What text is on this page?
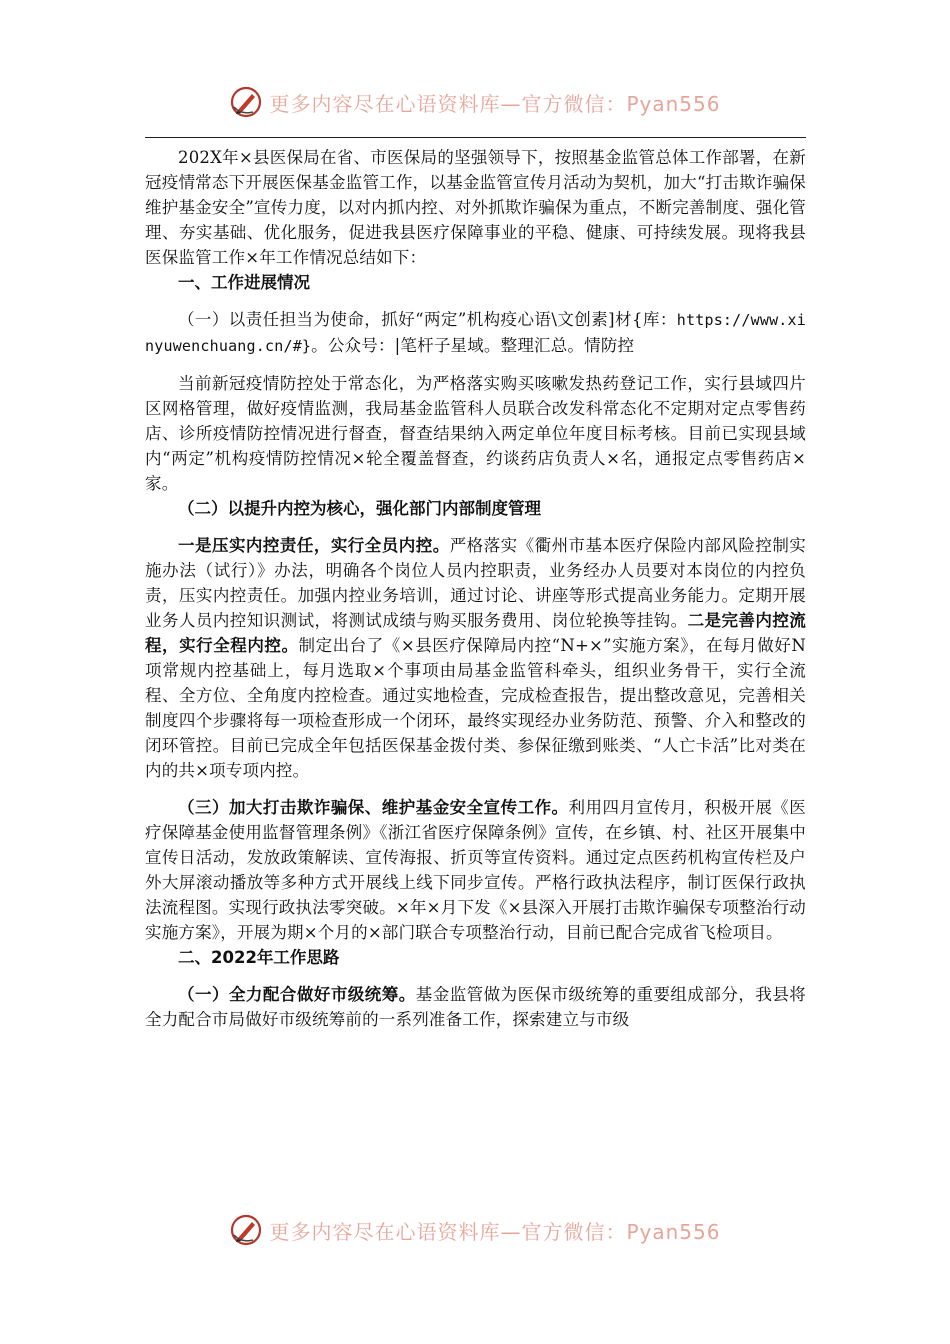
更多内容尽在心语资料库—官方微信：Pyan556

202X年×县医保局在省、市医保局的坚强领导下，按照基金监管总体工作部署，在新冠疫情常态下开展医保基金监管工作，以基金监管宣传月活动为契机，加大“打击欺诈骗保维护基金安全”宣传力度，以对内抓内控、对外抓欺诈骗保为重点，不断完善制度、强化管理、夯实基础、优化服务，促进我县医疗保障事业的平稳、健康、可持续发展。现将我县医保监管工作×年工作情况总结如下：

一、工作进展情况

（一）以责任担当为使命，抓好“两定”机构疫心语\文创素]材{库：https://www.xinyuwenchuang.cn/#}。公众号：|笔杆子星域。整理汇总。情防控

当前新冠疫情防控处于常态化，为严格落实购买咳嗽发热药登记工作，实行县域四片区网格管理，做好疫情监测，我局基金监管科人员联合改发科常态化不定期对定点零售药店、诊所疫情防控情况进行督查，督查结果纳入两定单位年度目标考核。目前已实现县域内“两定”机构疫情防控情况×轮全覆盖督查，约谈药店负责人×名，通报定点零售药店×家。

（二）以提升内控为核心，强化部门内部制度管理

一是压实内控责任，实行全员内控。严格落实《衢州市基本医疗保险内部风险控制实施办法（试行）》办法，明确各个岗位人员内控职责，业务经办人员要对本岗位的内控负责，压实内控责任。加强内控业务培训，通过讨论、讲座等形式提高业务能力。定期开展业务人员内控知识测试，将测试成绩与购买服务费用、岗位轮换等挂钩。二是完善内控流程，实行全程内控。制定出台了《×县医疗保障局内控“N+×”实施方案》，在每月做好N项常规内控基础上，每月选取×个事项由局基金监管科牵头，组织业务骨干，实行全流程、全方位、全角度内控检查。通过实地检查，完成检查报告，提出整改意见，完善相关制度四个步骤将每一项检查形成一个闭环，最终实现经办业务防范、预警、介入和整改的闭环管控。目前已完成全年包括医保基金拨付类、参保征缴到账类、“人亡卡活”比对类在内的共×项专项内控。

（三）加大打击欺诈骗保、维护基金安全宣传工作。利用四月宣传月，积极开展《医疗保障基金使用监督管理条例》《浙江省医疗保障条例》宣传，在乡镇、村、社区开展集中宣传日活动，发放政策解读、宣传海报、折页等宣传资料。通过定点医药机构宣传栏及户外大屏滚动播放等多种方式开展线上线下同步宣传。严格行政执法程序，制订医保行政执法流程图。实现行政执法零突破。×年×月下发《×县深入开展打击欺诈骗保专项整治行动实施方案》，开展为期×个月的×部门联合专项整治行动，目前已配合完成省飞检项目。

二、2022年工作思路

（一）全力配合做好市级统筹。基金监管做为医保市级统筹的重要组成部分，我县将全力配合市局做好市级统筹前的一系列准备工作，探索建立与市级

更多内容尽在心语资料库—官方微信：Pyan556
